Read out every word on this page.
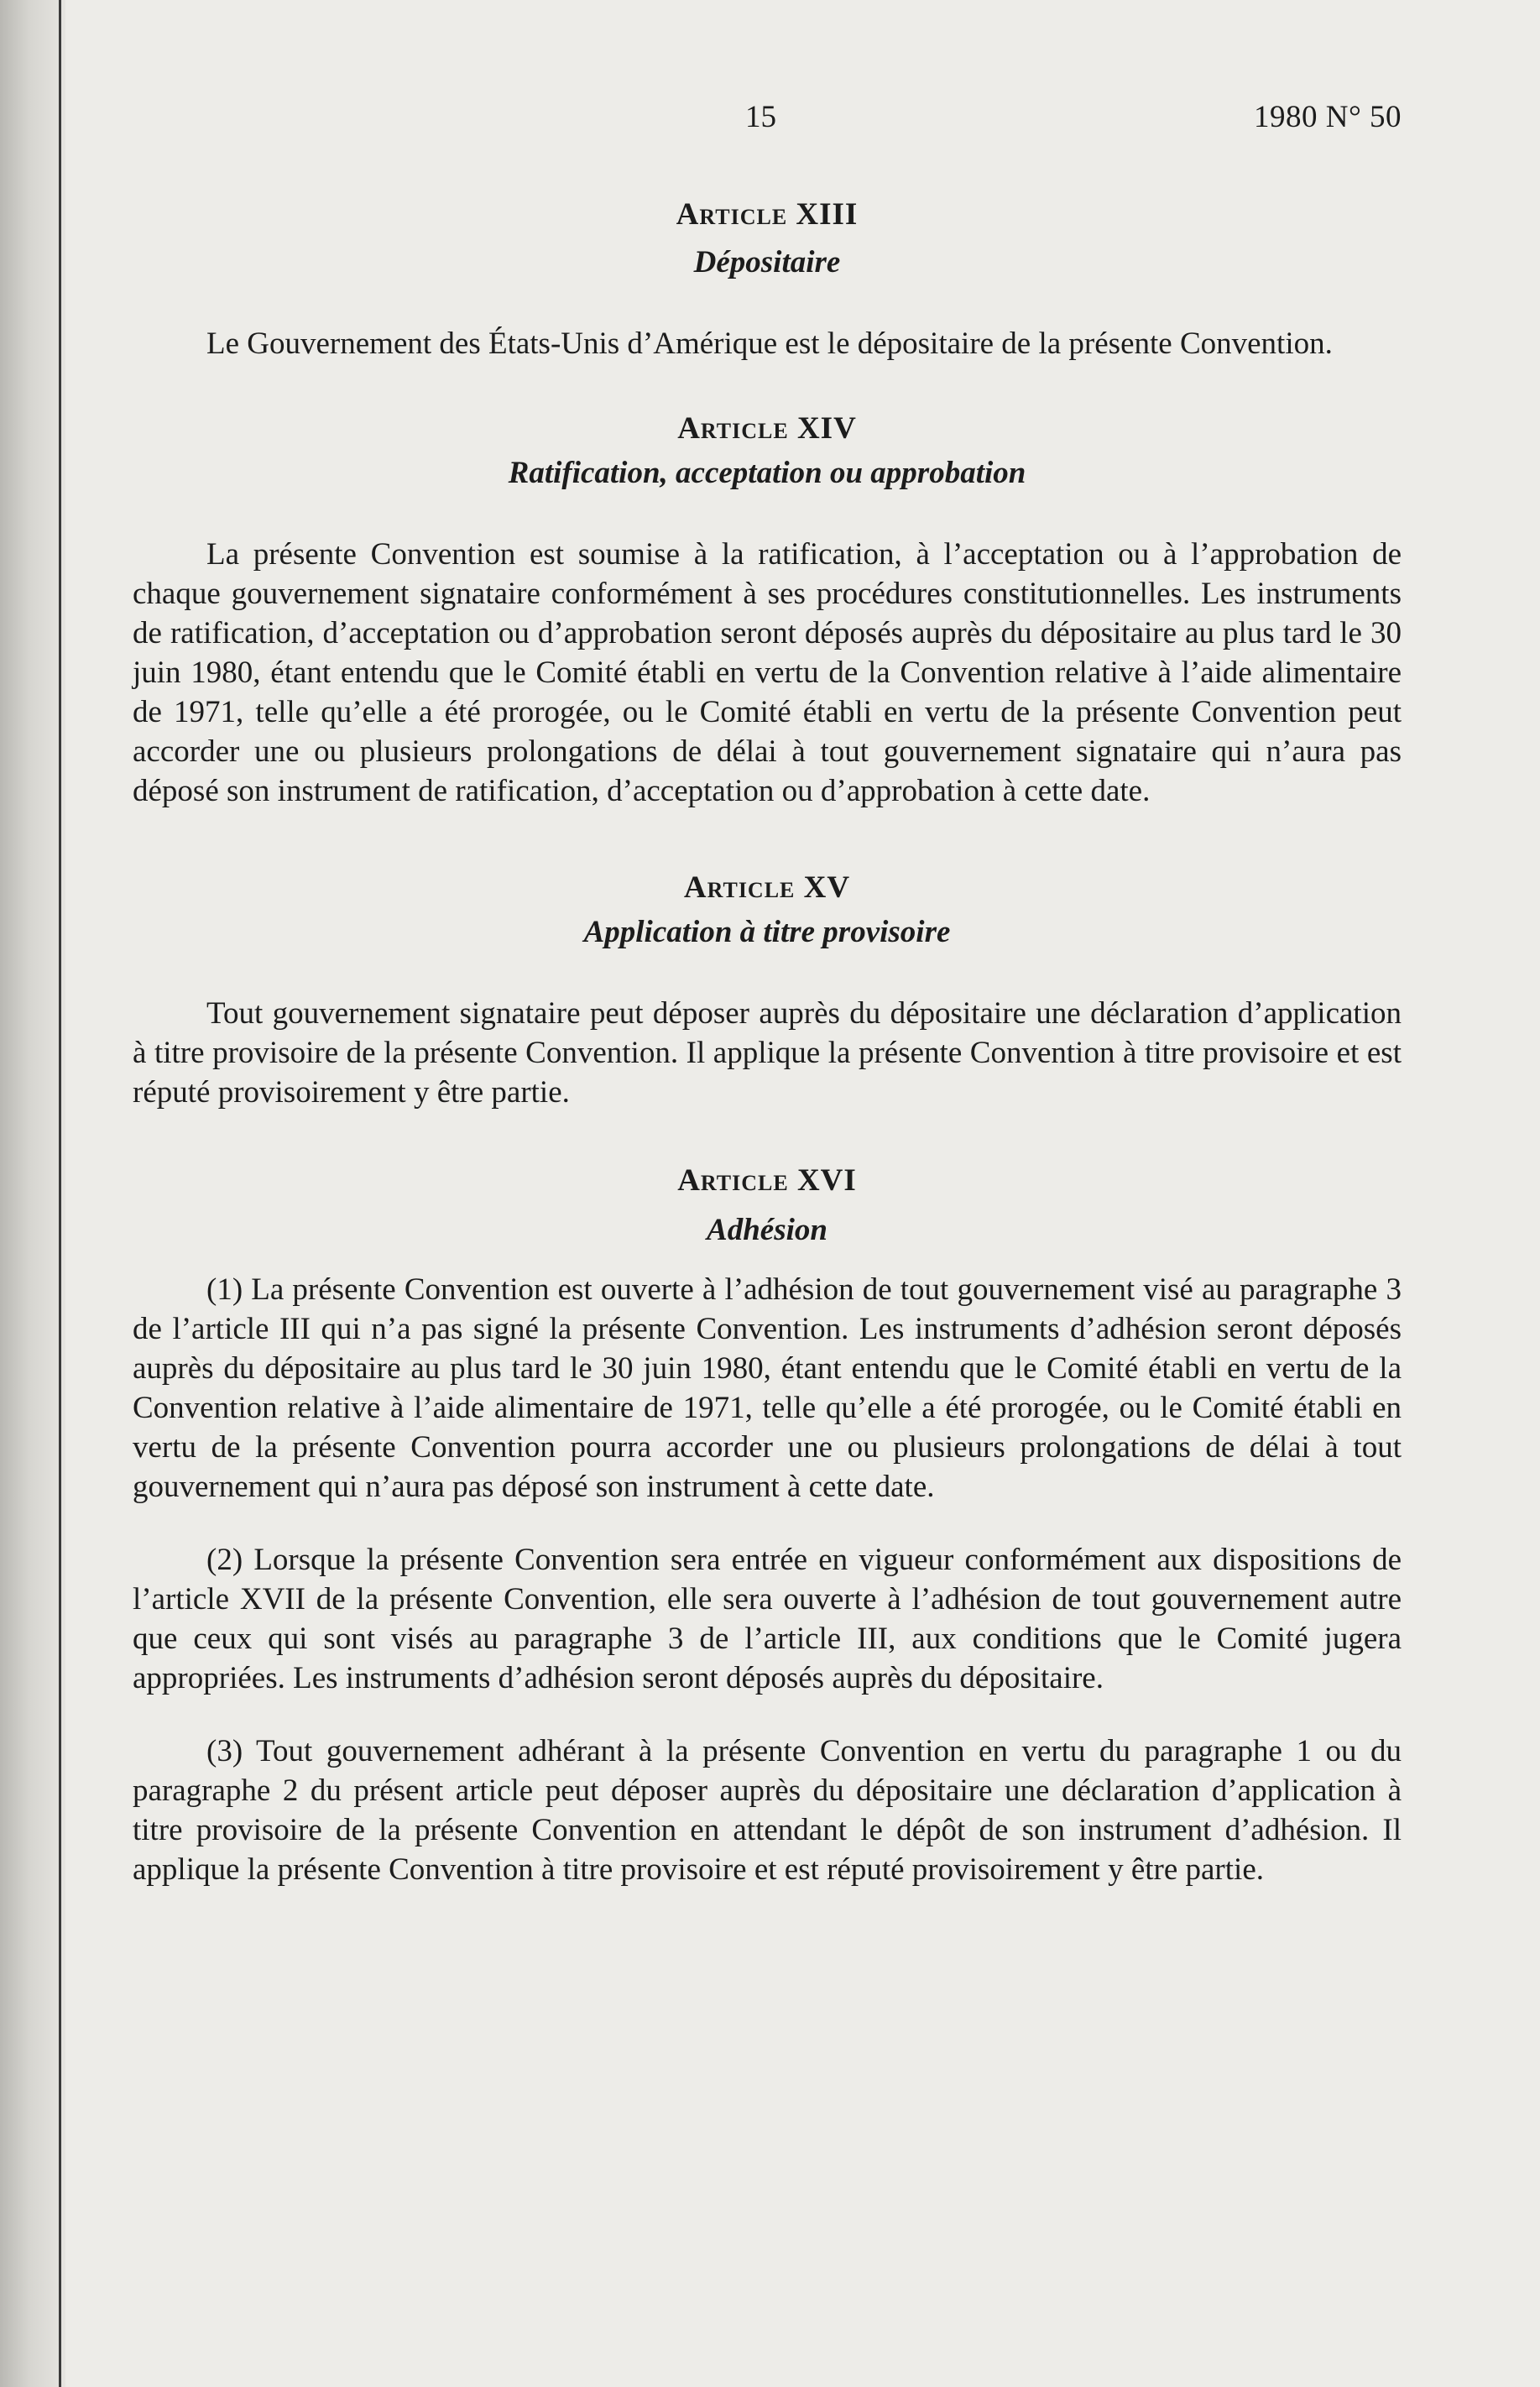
15	1980 N° 50
Article XIII
Dépositaire

Le Gouvernement des États-Unis d’Amérique est le dépositaire de la présente Convention.

Article XIV
Ratification, acceptation ou approbation

La présente Convention est soumise à la ratification, à l’acceptation ou à l’approbation de chaque gouvernement signataire conformément à ses procédures constitutionnelles. Les instruments de ratification, d’acceptation ou d’approbation seront déposés auprès du dépositaire au plus tard le 30 juin 1980, étant entendu que le Comité établi en vertu de la Convention relative à l’aide alimentaire de 1971, telle qu’elle a été prorogée, ou le Comité établi en vertu de la présente Convention peut accorder une ou plusieurs prolongations de délai à tout gouvernement signataire qui n’aura pas déposé son instrument de ratification, d’acceptation ou d’approbation à cette date.

Article XV
Application à titre provisoire

Tout gouvernement signataire peut déposer auprès du dépositaire une déclaration d’application à titre provisoire de la présente Convention. Il applique la présente Convention à titre provisoire et est réputé provisoirement y être partie.

Article XVI
Adhésion

(1) La présente Convention est ouverte à l’adhésion de tout gouvernement visé au paragraphe 3 de l’article III qui n’a pas signé la présente Convention. Les instruments d’adhésion seront déposés auprès du dépositaire au plus tard le 30 juin 1980, étant entendu que le Comité établi en vertu de la Convention relative à l’aide alimentaire de 1971, telle qu’elle a été prorogée, ou le Comité établi en vertu de la présente Convention pourra accorder une ou plusieurs prolongations de délai à tout gouvernement qui n’aura pas déposé son instrument à cette date.

(2) Lorsque la présente Convention sera entrée en vigueur conformément aux dispositions de l’article XVII de la présente Convention, elle sera ouverte à l’adhésion de tout gouvernement autre que ceux qui sont visés au paragraphe 3 de l’article III, aux conditions que le Comité jugera appropriées. Les instruments d’adhésion seront déposés auprès du dépositaire.

(3) Tout gouvernement adhérant à la présente Convention en vertu du paragraphe 1 ou du paragraphe 2 du présent article peut déposer auprès du dépositaire une déclaration d’application à titre provisoire de la présente Convention en attendant le dépôt de son instrument d’adhésion. Il applique la présente Convention à titre provisoire et est réputé provisoirement y être partie.
